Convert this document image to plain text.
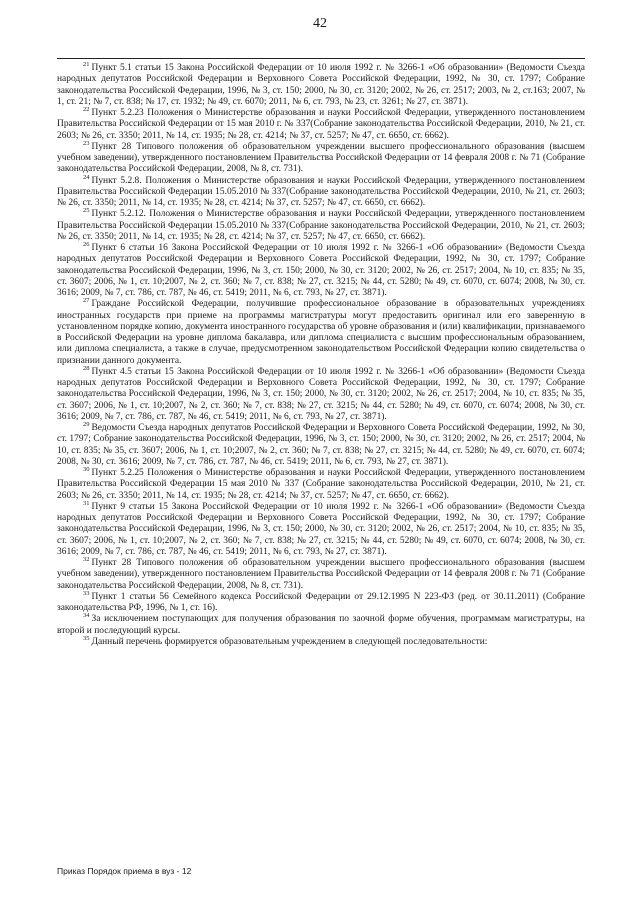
42

$^{21}$ Пункт 5.1 статьи 15 Закона Российской Федерации от 10 июля 1992 г. № 3266-1 «Об образовании» (Ведомости Съезда народных депутатов Российской Федерации и Верховного Совета Российской Федерации, 1992, № 30, ст. 1797; Собрание законодательства Российской Федерации, 1996, № 3, ст. 150; 2000, № 30, ст. 3120; 2002, № 26, ст. 2517; 2003, № 2, ст.163; 2007, № 1, ст. 21; № 7, ст. 838; № 17, ст. 1932; № 49, ст. 6070; 2011, № 6, ст. 793, № 23, ст. 3261; № 27, ст. 3871).

$^{22}$ Пункт 5.2.23 Положения о Министерстве образования и науки Российской Федерации, утвержденного постановлением Правительства Российской Федерации от 15 мая 2010 г. № 337(Собрание законодательства Российской Федерации, 2010, № 21, ст. 2603; № 26, ст. 3350; 2011, № 14, ст. 1935; № 28, ст. 4214; № 37, ст. 5257; № 47, ст. 6650, ст. 6662).

$^{23}$ Пункт 28 Типового положения об образовательном учреждении высшего профессионального образования (высшем учебном заведении), утвержденного постановлением Правительства Российской Федерации от 14 февраля 2008 г. № 71 (Собрание законодательства Российской Федерации, 2008, № 8, ст. 731).

$^{24}$ Пункт 5.2.8. Положения о Министерстве образования и науки Российской Федерации, утвержденного постановлением Правительства Российской Федерации 15.05.2010 № 337(Собрание законодательства Российской Федерации, 2010, № 21, ст. 2603; № 26, ст. 3350; 2011, № 14, ст. 1935; № 28, ст. 4214; № 37, ст. 5257; № 47, ст. 6650, ст. 6662).

$^{25}$ Пункт 5.2.12. Положения о Министерстве образования и науки Российской Федерации, утвержденного постановлением Правительства Российской Федерации 15.05.2010 № 337(Собрание законодательства Российской Федерации, 2010, № 21, ст. 2603; № 26, ст. 3350; 2011, № 14, ст. 1935; № 28, ст. 4214; № 37, ст. 5257; № 47, ст. 6650, ст. 6662).

$^{26}$ Пункт 6 статьи 16 Закона Российской Федерации от 10 июля 1992 г. № 3266-1 «Об образовании» (Ведомости Съезда народных депутатов Российской Федерации и Верховного Совета Российской Федерации, 1992, № 30, ст. 1797; Собрание законодательства Российской Федерации, 1996, № 3, ст. 150; 2000, № 30, ст. 3120; 2002, № 26, ст. 2517; 2004, № 10, ст. 835; № 35, ст. 3607; 2006, № 1, ст. 10;2007, № 2, ст. 360; № 7, ст. 838; № 27, ст. 3215; № 44, ст. 5280; № 49, ст. 6070, ст. 6074; 2008, № 30, ст. 3616; 2009, № 7, ст. 786, ст. 787, № 46, ст. 5419; 2011, № 6, ст. 793, № 27, ст. 3871).

$^{27}$ Граждане Российской Федерации, получившие профессиональное образование в образовательных учреждениях иностранных государств при приеме на программы магистратуры могут предоставить оригинал или его заверенную в установленном порядке копию, документа иностранного государства об уровне образования и (или) квалификации, признаваемого в Российской Федерации на уровне диплома бакалавра, или диплома специалиста с высшим профессиональным образованием, или диплома специалиста, а также в случае, предусмотренном законодательством Российской Федерации копию свидетельства о признании данного документа.

$^{28}$ Пункт 4.5 статьи 15 Закона Российской Федерации от 10 июля 1992 г. № 3266-1 «Об образовании» (Ведомости Съезда народных депутатов Российской Федерации и Верховного Совета Российской Федерации, 1992, № 30, ст. 1797; Собрание законодательства Российской Федерации, 1996, № 3, ст. 150; 2000, № 30, ст. 3120; 2002, № 26, ст. 2517; 2004, № 10, ст. 835; № 35, ст. 3607; 2006, № 1, ст. 10;2007, № 2, ст. 360; № 7, ст. 838; № 27, ст. 3215; № 44, ст. 5280; № 49, ст. 6070, ст. 6074; 2008, № 30, ст. 3616; 2009, № 7, ст. 786, ст. 787, № 46, ст. 5419; 2011, № 6, ст. 793, № 27, ст. 3871).

$^{29}$ Ведомости Съезда народных депутатов Российской Федерации и Верховного Совета Российской Федерации, 1992, № 30, ст. 1797; Собрание законодательства Российской Федерации, 1996, № 3, ст. 150; 2000, № 30, ст. 3120; 2002, № 26, ст. 2517; 2004, № 10, ст. 835; № 35, ст. 3607; 2006, № 1, ст. 10;2007, № 2, ст. 360; № 7, ст. 838; № 27, ст. 3215; № 44, ст. 5280; № 49, ст. 6070, ст. 6074; 2008, № 30, ст. 3616; 2009, № 7, ст. 786, ст. 787, № 46, ст. 5419; 2011, № 6, ст. 793, № 27, ст. 3871).

$^{30}$ Пункт 5.2.25 Положения о Министерстве образования и науки Российской Федерации, утвержденного постановлением Правительства Российской Федерации 15 мая 2010 № 337 (Собрание законодательства Российской Федерации, 2010, № 21, ст. 2603; № 26, ст. 3350; 2011, № 14, ст. 1935; № 28, ст. 4214; № 37, ст. 5257; № 47, ст. 6650, ст. 6662).

$^{31}$ Пункт 9 статьи 15 Закона Российской Федерации от 10 июля 1992 г. № 3266-1 «Об образовании» (Ведомости Съезда народных депутатов Российской Федерации и Верховного Совета Российской Федерации, 1992, № 30, ст. 1797; Собрание законодательства Российской Федерации, 1996, № 3, ст. 150; 2000, № 30, ст. 3120; 2002, № 26, ст. 2517; 2004, № 10, ст. 835; № 35, ст. 3607; 2006, № 1, ст. 10;2007, № 2, ст. 360; № 7, ст. 838; № 27, ст. 3215; № 44, ст. 5280; № 49, ст. 6070, ст. 6074; 2008, № 30, ст. 3616; 2009, № 7, ст. 786, ст. 787, № 46, ст. 5419; 2011, № 6, ст. 793, № 27, ст. 3871).

$^{32}$ Пункт 28 Типового положения об образовательном учреждении высшего профессионального образования (высшем учебном заведении), утвержденного постановлением Правительства Российской Федерации от 14 февраля 2008 г. № 71 (Собрание законодательства Российской Федерации, 2008, № 8, ст. 731).

$^{33}$ Пункт 1 статьи 56 Семейного кодекса Российской Федерации от 29.12.1995 N 223-ФЗ (ред. от 30.11.2011) (Собрание законодательства РФ, 1996, № 1, ст. 16).

$^{34}$ За исключением поступающих для получения образования по заочной форме обучения, программам магистратуры, на второй и последующий курсы.

$^{35}$ Данный перечень формируется образовательным учреждением в следующей последовательности:

Приказ Порядок приема в вуз - 12
